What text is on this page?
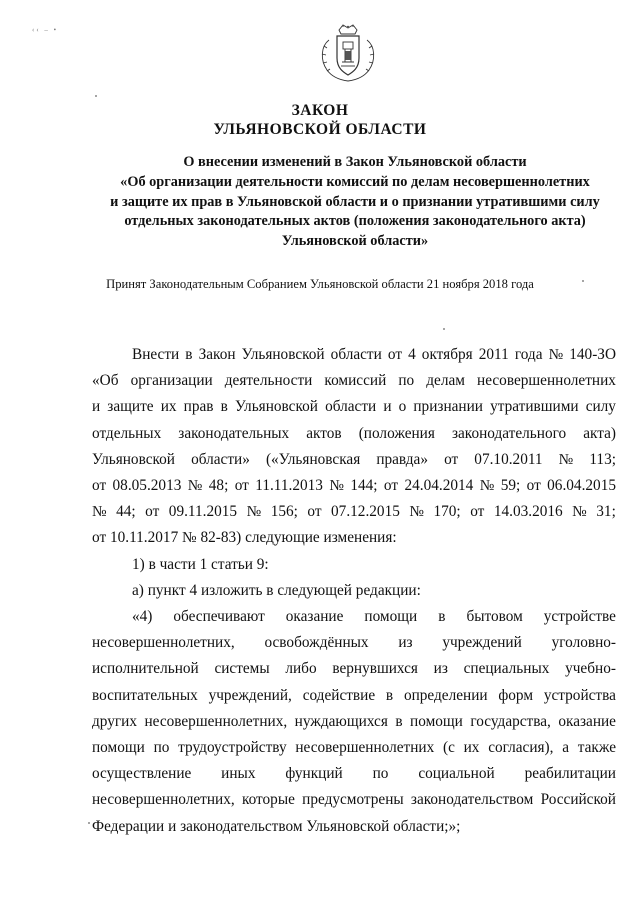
‹‹ – •
ЗАКОН
УЛЬЯНОВСКОЙ ОБЛАСТИ
О внесении изменений в Закон Ульяновской области
«Об организации деятельности комиссий по делам несовершеннолетних
и защите их прав в Ульяновской области и о признании утратившими силу
отдельных законодательных актов (положения законодательного акта)
Ульяновской области»
Принят Законодательным Собранием Ульяновской области 21 ноября 2018 года
Внести в Закон Ульяновской области от 4 октября 2011 года № 140-ЗО
«Об организации деятельности комиссий по делам несовершеннолетних
и защите их прав в Ульяновской области и о признании утратившими силу
отдельных законодательных актов (положения законодательного акта)
Ульяновской области» («Ульяновская правда» от 07.10.2011 № 113;
от 08.05.2013 № 48; от 11.11.2013 № 144; от 24.04.2014 № 59; от 06.04.2015
№ 44; от 09.11.2015 № 156; от 07.12.2015 № 170; от 14.03.2016 № 31;
от 10.11.2017 № 82-83) следующие изменения:
1) в части 1 статьи 9:
а) пункт 4 изложить в следующей редакции:
«4) обеспечивают оказание помощи в бытовом устройстве
несовершеннолетних, освобождённых из учреждений уголовно-
исполнительной системы либо вернувшихся из специальных учебно-
воспитательных учреждений, содействие в определении форм устройства
других несовершеннолетних, нуждающихся в помощи государства, оказание
помощи по трудоустройству несовершеннолетних (с их согласия), а также
осуществление иных функций по социальной реабилитации
несовершеннолетних, которые предусмотрены законодательством Российской
Федерации и законодательством Ульяновской области;»;
